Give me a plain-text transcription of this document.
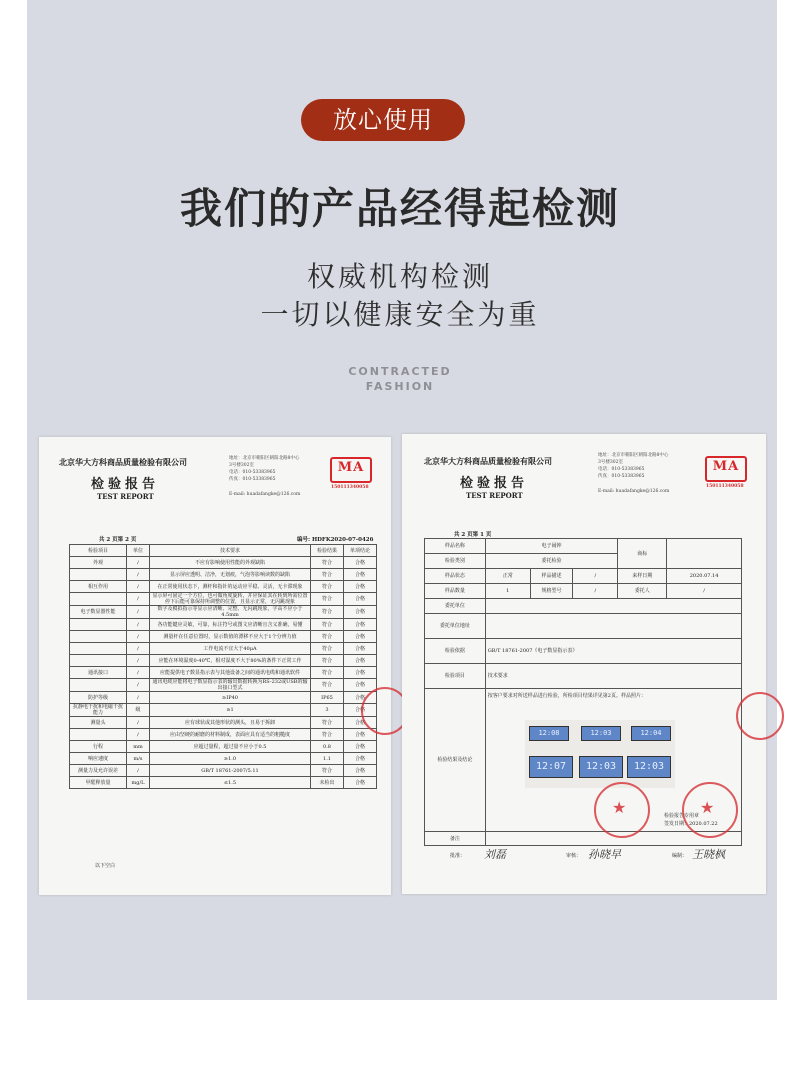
放心使用
我们的产品经得起检测
权威机构检测
一切以健康安全为重
CONTRACTED
FASHION
北京华大方科商品质量检验有限公司
检验报告
TEST REPORT
地址：北京市朝阳区朝阳北路8中心
3号楼302室
电话：010-53383965
传真：010-53383965
E-mail: huadafangke@126.com
MA
150111340058
共 2 页第 2 页	编号: HDFK2020-07-0426
检验项目	单位	技术要求	检验结果	单项结论
外观	/	不应有影响使用性能的外观缺陷	符合	合格
	/	显示屏应透明、洁净，无划痕，气泡等影响读数的缺陷	符合	合格
相互作用	/	在正常使用状态下，测杆和指针的运动应平稳、灵活，无卡滞现象	符合	合格
	/	显示屏可固定一个方位，也可做角度旋转，并应保证其在转到所需位置停下后能可靠保持所调整的位置，且显示正常，无闪跳现象	符合	合格
电子数显器性能	/	数字及模拟指示等显示应清晰、完整、无闪跳现象，字高不应小于4.5mm	符合	合格
	/	各功能键应灵敏，可靠，标注符号或图文应清晰且含义准确，易懂	符合	合格
	/	测量杆在任意位置时，显示数值的漂移不应大于1个分辨力值	符合	合格
	/	工作电流不宜大于40μA	符合	合格
	/	应能在环境温度0-40℃，相对湿度不大于80%的条件下正常工作	符合	合格
通讯接口	/	应能提供电子数显指示表与其他设备之间的通讯电缆和通讯软件	符合	合格
	/	通讯电缆应能将电子数显指示表的输出数据转换为RS-232或USB的输出接口型式	符合	合格
防护等级	/	≥IP40	IP65	合格
抗静电干扰和电磁干扰能力	级	≥1	3	合格
测量头	/	应有球状或其他形状的测头，且易于拆卸	符合	合格
	/	应由坚硬的耐磨的材料制成，表面应具有适当的粗糙度	符合	合格
行程	mm	应超过量程，超过量不应小于0.5	0.8	合格
响应速度	m/s	≥1.0	1.1	合格
测量力及允许误差	/	GB/T 18761-2007/5.11	符合	合格
甲醛释放量	mg/L	≤1.5	未检出	合格
以下空白
北京华大方科商品质量检验有限公司
检验报告
TEST REPORT
地址：北京市朝阳区朝阳北路8中心
3号楼302室
电话：010-53383965
传真：010-53383965
E-mail: huadafangke@126.com
MA
150111340058
共 2 页第 1 页
样品名称	电子闹钟			商标	
检验类别	委托检验				
样品状态	正常	样品描述	/	来样日期	2020.07.14
样品数量	1	规格型号	/	委托人	/
委托单位					
委托单位地址					
检验依据	GB/T 18761-2007《电子数显指示表》				
检验项目	技术要求				
检验结果及结论	按客户要求对所送样品进行检验，所检项目结果详见第2页。样品照片：				
备注					
12:08	12:03	12:04
12:07	12:03	12:03
★	★
检验报告专用章
签发日期：2020.07.22
批准： 刘磊	审核： 孙晓早	编制： 王晓枫
